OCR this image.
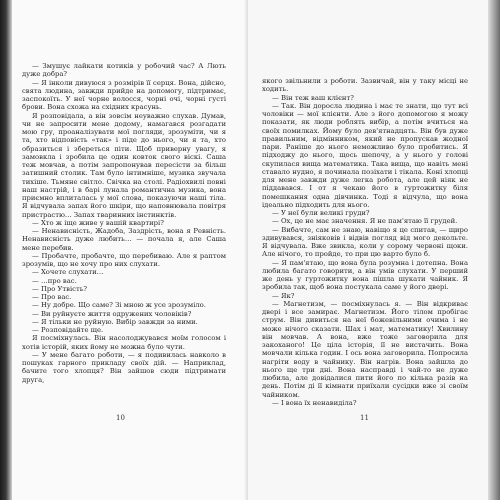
— Змушує лайкати котиків у робочий час? А Лють дуже добра?

— Я інколи дивуюся з розмірів її серця. Вона, дійсно, свята людина, завжди прийде на допомогу, підтримає, заспокоїть. У неї чорне волосся, чорні очі, чорні густі брови. Вона схожа на східних красунь.

Я розповідала, а він зовсім неуважно слухав. Думав, чи не запросити мене додому, намагався розгадати мою гру, проаналізувати мої погляди, зрозуміти, чи я та, хто відповість «так» і піде до нього, чи я та, хто образиться і збереться піти. Щоб приверну увагу, я замовкла і зробила це один ковток свого віскі. Саша теж мовчав, а потім запропонував пересісти за більш затишний столик. Там було інтимніше, музика звучала тихіше. Тьмяне світло. Свічка на столі. Радіохвилі повні наш настрій, і в барі лунала романтична музика, вона приємно вплиталась у мої слова, показуючи наші тіла. Я відчувала запах його шкіри, що наповнювала повітря пристрастю… Запах тваринних інстинктів.

— Хто ж іще живе у вашій квартирі?

— Ненависність, Жадоба, Заздрість, вона я Ревність. Ненависність дуже любить… — почала я, але Саша мене перебив.

— Пробачте, пробачте, що перебиваю. Але я раптом зрозумів, що не хочу про них слухати.

— Хочете слухати…

— …про вас.

— Про Утвість?

— Про вас.

— Ну добре. Що саме? Зі мною ж усе зрозуміло.

— Ви руйнуєте життя одружених чоловіків?

— Я тільки не руйную. Вибір завжди за ними.

— Розповідайте ще.

Я посміхнулась. Він насолоджувався моїм голосом і хотів історій, яких йому не можна було чути.

— У мене багато роботи, — я подивилась навколо в пошуках гарного прикладу своїх дій. — Наприклад, бачите того хлопця? Він зайшов сюди підтримати друга,

10

якого звільнили з роботи. Зазвичай, він у таку місці не ходить.

— Він теж ваш клієнт?

— Так. Він доросла людина і має те знати, що тут всі чоловіки — мої клієнти. Але з його допомогою я можу показати, як люди роблять вибір, а потім вчиться на своїх помилках. Йому було дев'ятнадцять. Він був дуже правильним, відмінником, який не пропускав жодної пари. Раніше до нього неможливо було пробитись. Я підходжу до нього, щось шепочу, а у нього у голові скупилася вища математика. Така вища, що навіть мені ставало нудно, я починала позіхати і тікала. Коні хлопці для мене завжди дуже легка робота, але цей ніяк не піддавався. І от я чекаю його в гуртожитку біля помешкання одна дівчинка. Тоді я відчула, що вона ідеально підходить для нього.

— У неї були великі груди?

— Ох, це не має значення. Я не пам'ятаю її грудей.

— Вибачте, сам не знаю, навіщо я це спитав, — щиро здивувався, зніяковів і відвів погляд від мого декольте. Я відчувала. Вже звикла, коли у сорому червоні щоки. Але нічого, то пройде, то при цю варто було б.

— Я пам'ятаю, що вона була розумна і дотепна. Вона любила багато говорити, а він умів слухати. У перший же день у гуртожитку вона пішла шукати чайник. Я зробила так, щоб вона постукала саме у його двері.

— Як?

— Магнетизм, — посміхнулась я. — Він відкриває двері і все замирає. Магнетизм. Його тілом пробігає струм. Він дивиться на неї божевільними очима і не може нічого сказати. Шах і мат, математику! Хвилину він мовчав. А вона, вже тоже заговорила для закоханого! Це ціла історія, її не вистачить. Вона мовчали кілька годин. І ось вона заговорила. Попросила нагріти воду в чайнику. Він нагрів. Вона зайшла до нього ще три дні. Вона насправді і чай-то не дуже любила, але довідалися пити його по кілька разів на день. Потім ді її кімнати приїхали сусідки вже зі своїм чайником.

— І вона їх ненавиділа?

11
